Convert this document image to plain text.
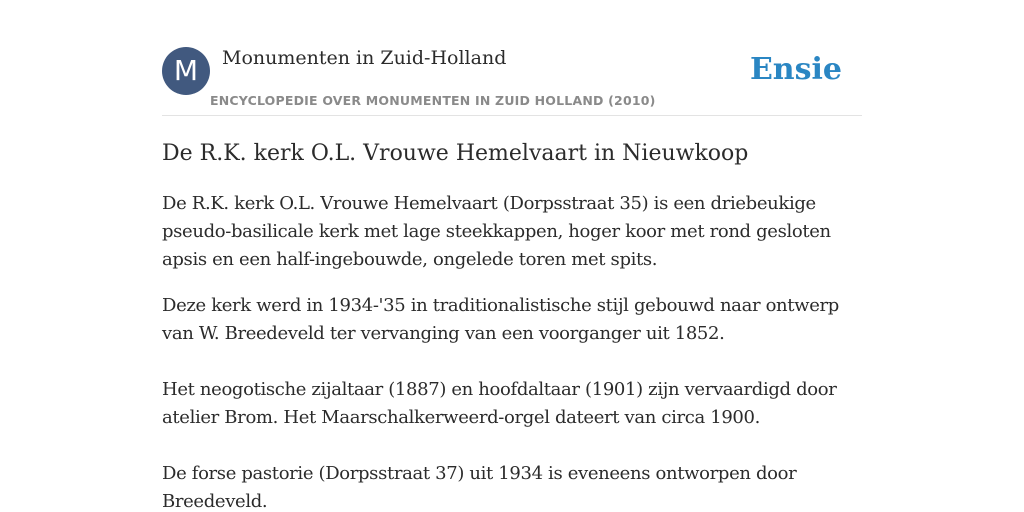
M	Monumenten in Zuid-Holland
ENCYCLOPEDIE OVER MONUMENTEN IN ZUID HOLLAND (2010)
Ensie
De R.K. kerk O.L. Vrouwe Hemelvaart in Nieuwkoop

De R.K. kerk O.L. Vrouwe Hemelvaart (Dorpsstraat 35) is een driebeukige pseudo-basilicale kerk met lage steekkappen, hoger koor met rond gesloten apsis en een half-ingebouwde, ongelede toren met spits.

Deze kerk werd in 1934-'35 in traditionalistische stijl gebouwd naar ontwerp van W. Breedeveld ter vervanging van een voorganger uit 1852.

Het neogotische zijaltaar (1887) en hoofdaltaar (1901) zijn vervaardigd door atelier Brom. Het Maarschalkerweerd-orgel dateert van circa 1900.

De forse pastorie (Dorpsstraat 37) uit 1934 is eveneens ontworpen door Breedeveld.
